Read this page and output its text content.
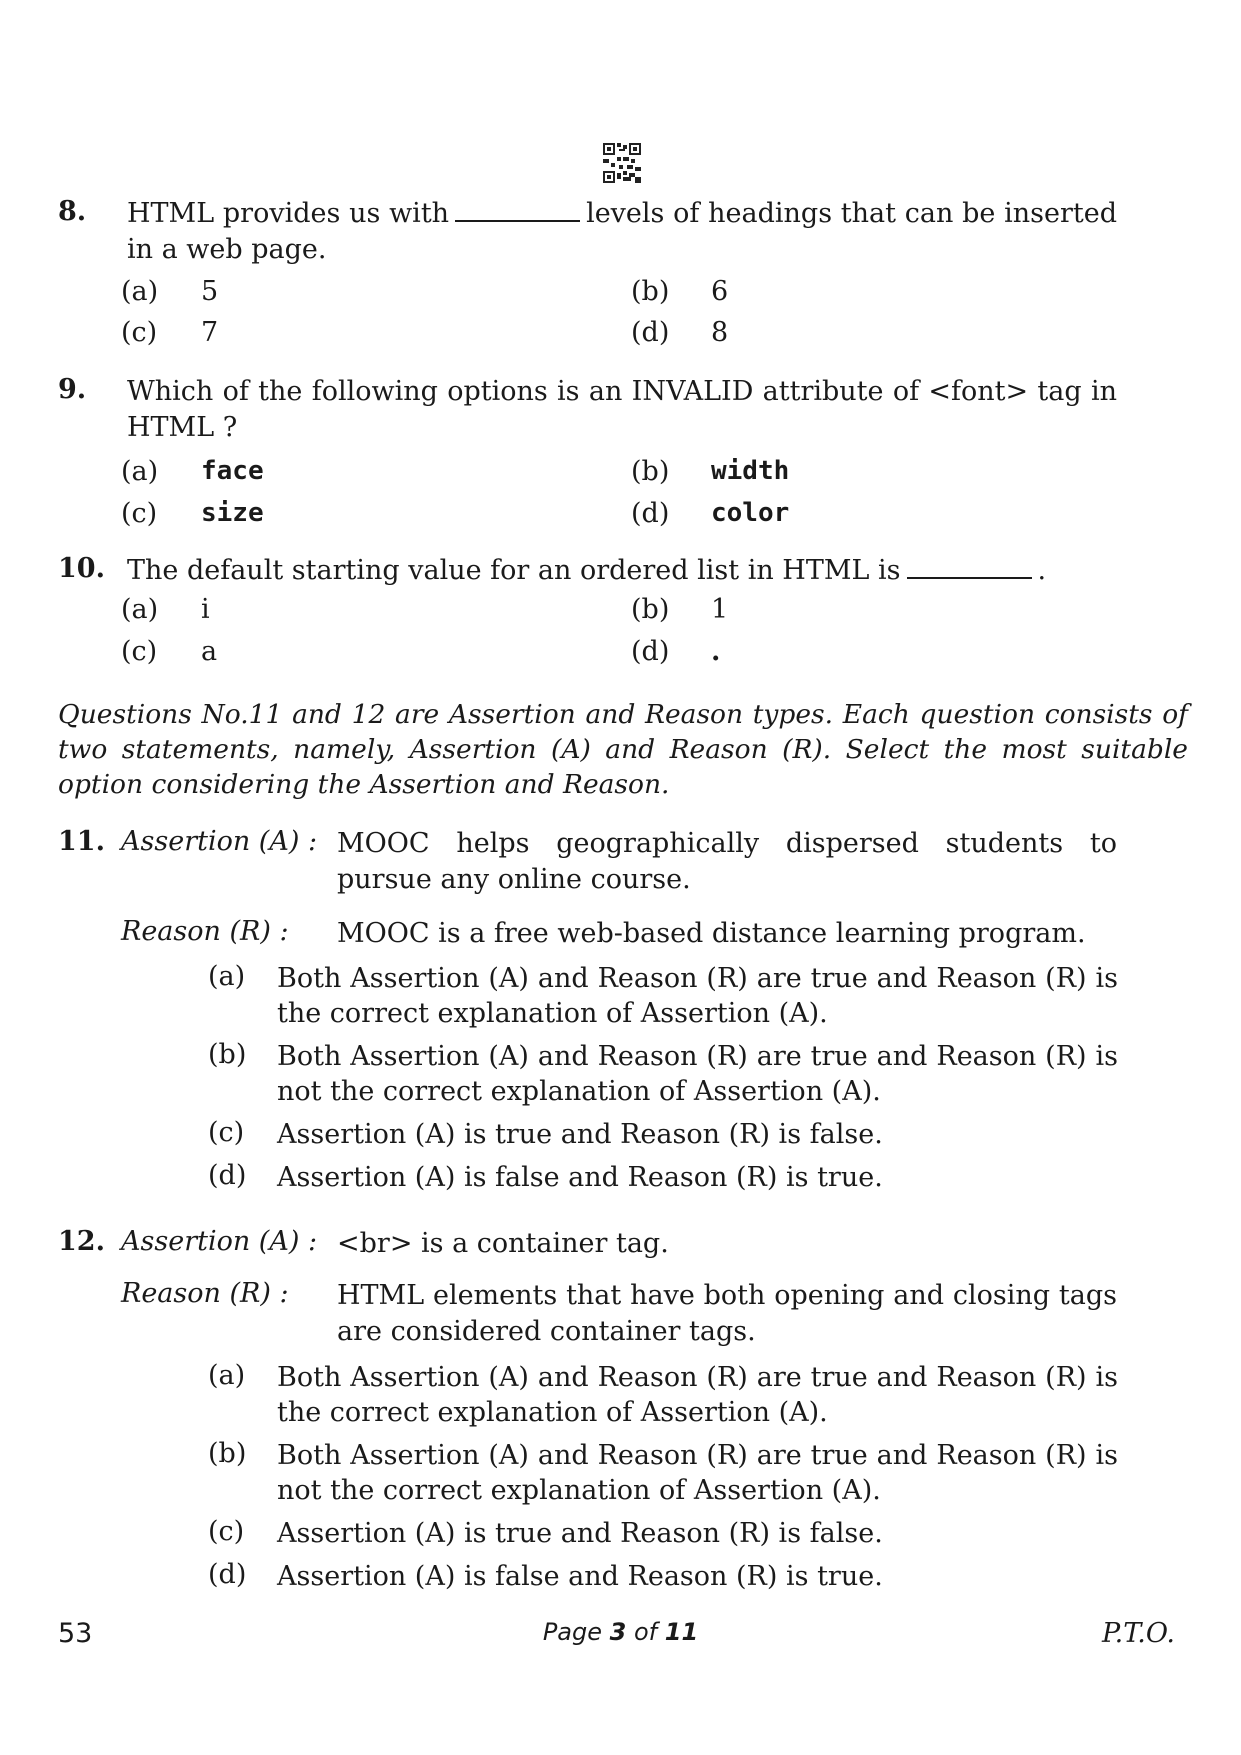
8. HTML provides us with	levels of headings that can be inserted in a web page.
(a)	5	(b)	6
(c)	7	(d)	8
9. Which of the following options is an INVALID attribute of <font> tag in HTML ?
(a)	face	(b)	width
(c)	size	(d)	color
10. The default starting value for an ordered list in HTML is	.
(a)	i	(b)	1
(c)	a	(d)	.
Questions No.11 and 12 are Assertion and Reason types. Each question consists of two statements, namely, Assertion (A) and Reason (R). Select the most suitable option considering the Assertion and Reason.
11. Assertion (A) : MOOC helps geographically dispersed students to pursue any online course.
Reason (R) : MOOC is a free web-based distance learning program.
(a) Both Assertion (A) and Reason (R) are true and Reason (R) is the correct explanation of Assertion (A).
(b) Both Assertion (A) and Reason (R) are true and Reason (R) is not the correct explanation of Assertion (A).
(c) Assertion (A) is true and Reason (R) is false.
(d) Assertion (A) is false and Reason (R) is true.
12. Assertion (A) : <br> is a container tag.
Reason (R) : HTML elements that have both opening and closing tags are considered container tags.
(a) Both Assertion (A) and Reason (R) are true and Reason (R) is the correct explanation of Assertion (A).
(b) Both Assertion (A) and Reason (R) are true and Reason (R) is not the correct explanation of Assertion (A).
(c) Assertion (A) is true and Reason (R) is false.
(d) Assertion (A) is false and Reason (R) is true.
53	Page 3 of 11	P.T.O.
